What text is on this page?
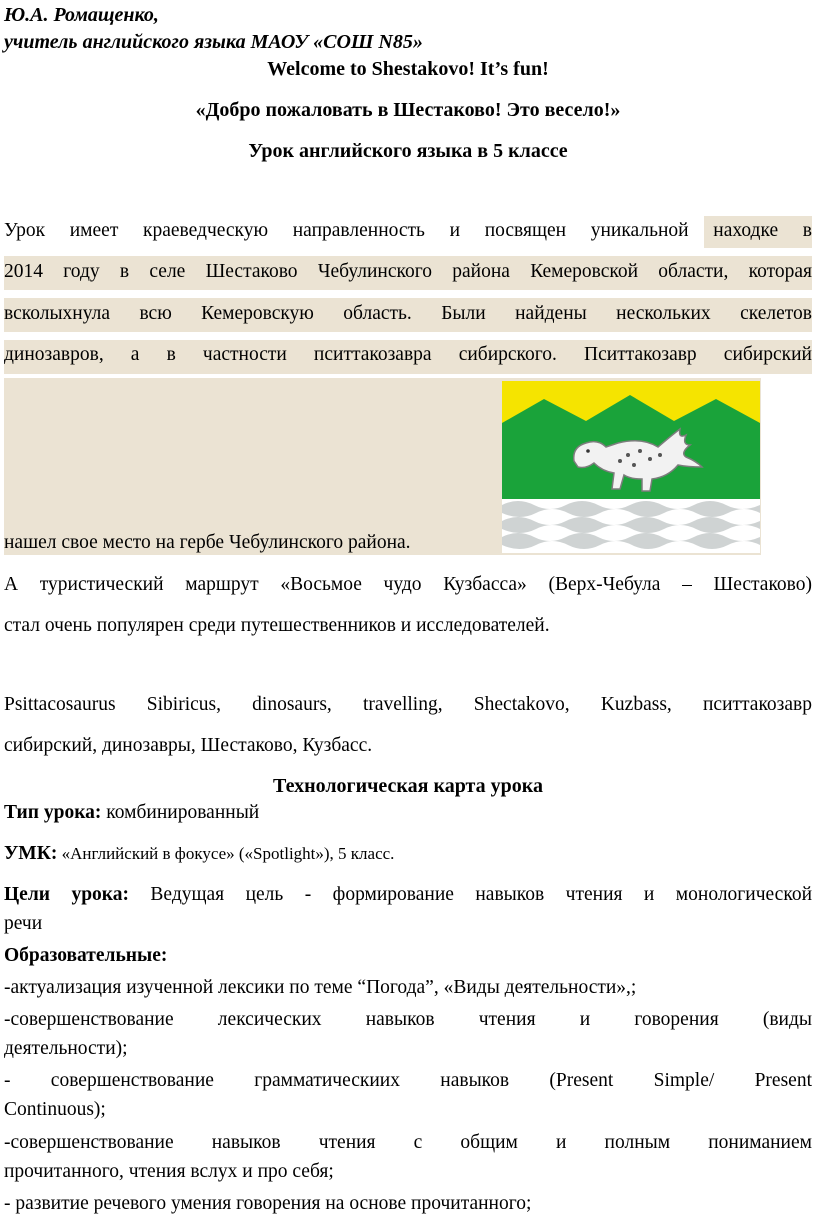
Ю.А. Ромащенко,
учитель английского языка МАОУ «СОШ N85»
Welcome to Shestakovo! It’s fun!
«Добро пожаловать в Шестаково! Это весело!»
Урок английского языка в 5 классе
Урок имеет краеведческую направленность и посвящен уникальной находке в
2014 году в селе Шестаково Чебулинского района Кемеровской области, которая
всколыхнула всю Кемеровскую область. Были найдены нескольких скелетов
динозавров, а в частности пситтакозавра сибирского. Пситтакозавр сибирский
нашел свое место на гербе Чебулинского района.
А туристический маршрут «Восьмое чудо Кузбасса» (Верх-Чебула – Шестаково)
стал очень популярен среди путешественников и исследователей.
Psittacosaurus Sibiricus, dinosaurs, travelling, Shectakovo, Kuzbass, пситтакозавр
сибирский, динозавры, Шестаково, Кузбасс.
Технологическая карта урока
Тип урока: комбинированный
УМК: «Английский в фокусе» («Spotlight»), 5 класс.
Цели урока: Ведущая цель - формирование навыков чтения и монологической
речи
Образовательные:
-актуализация изученной лексики по теме “Погода”, «Виды деятельности»,;
-совершенствование лексических навыков чтения и говорения (виды
деятельности);
- совершенствование грамматическиих навыков (Present Simple/ Present
Continuous);
-совершенствование навыков чтения с общим и полным пониманием
прочитанного, чтения вслух и про себя;
- развитие речевого умения говорения на основе прочитанного;
